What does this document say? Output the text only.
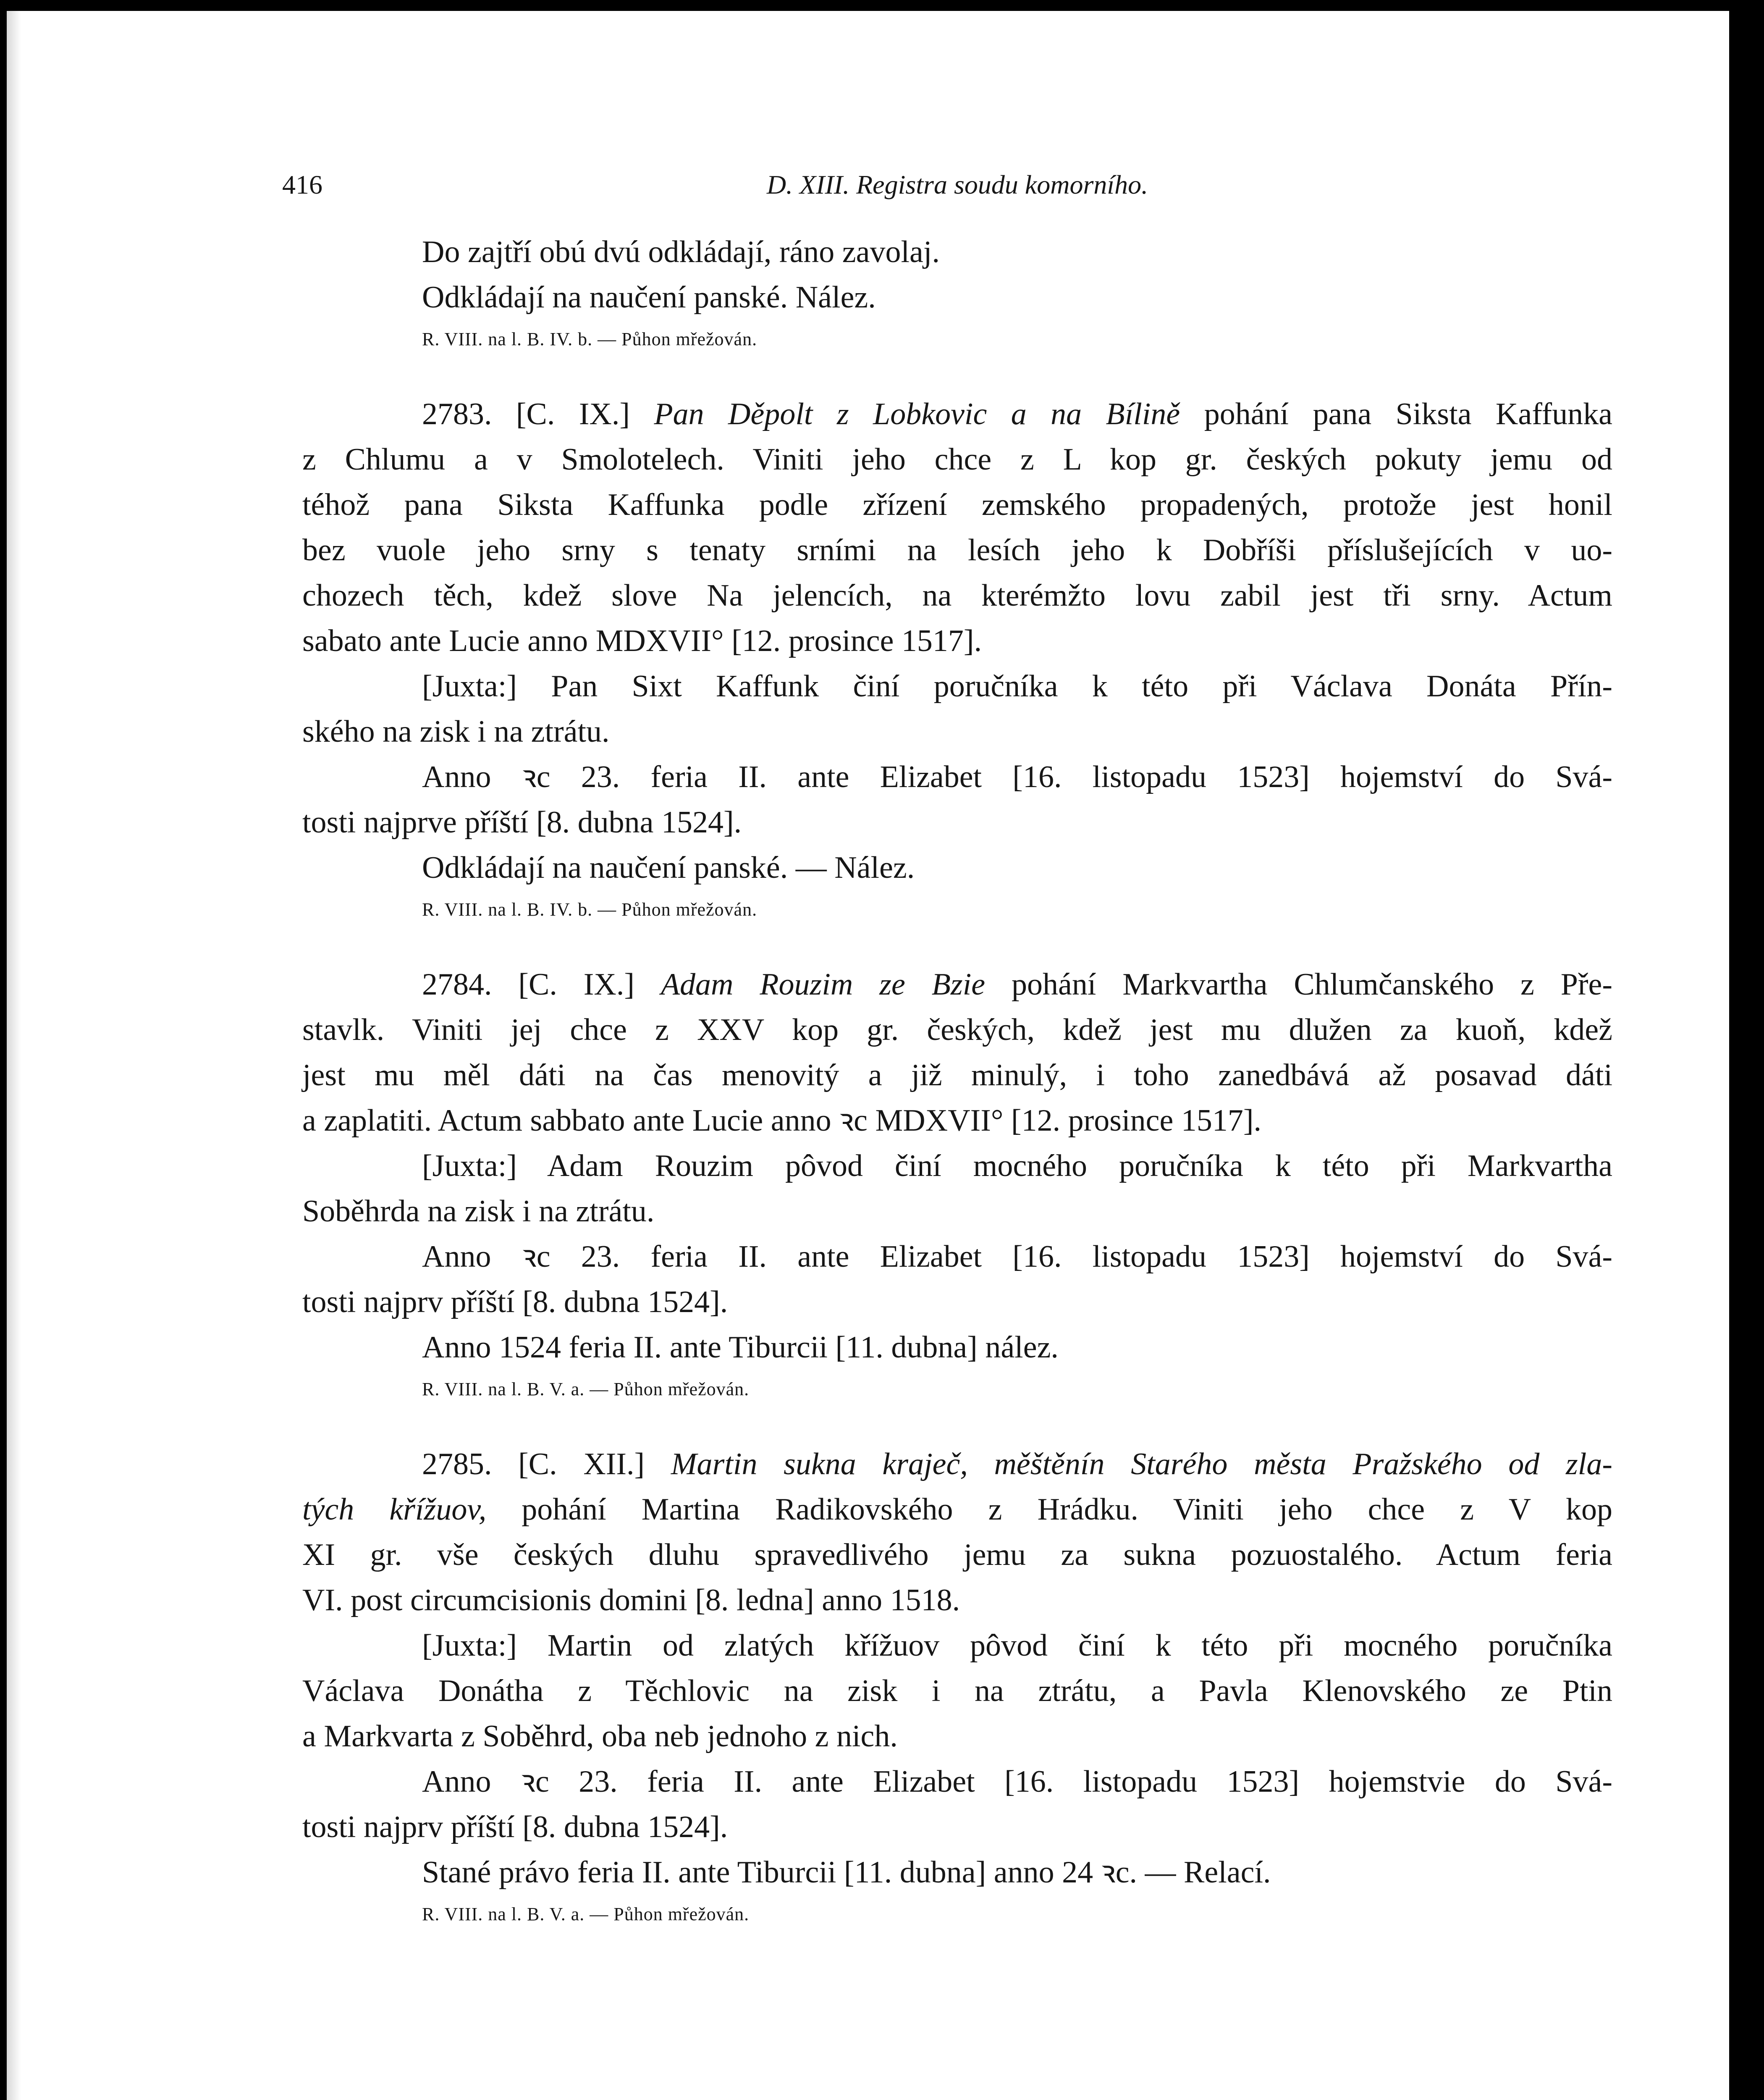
416	D. XIII. Registra soudu komorního.

Do zajtří obú dvú odkládají, ráno zavolaj.

Odkládají na naučení panské. Nález.

R. VIII. na l. B. IV. b. — Půhon mřežován.

2783. [C. IX.] Pan Děpolt z Lobkovic a na Bílině pohání pana Siksta Kaffunka

z Chlumu a v Smolotelech. Viniti jeho chce z L kop gr. českých pokuty jemu od

téhož pana Siksta Kaffunka podle zřízení zemského propadených, protože jest honil

bez vuole jeho srny s tenaty srními na lesích jeho k Dobříši příslušejících v uo-

chozech těch, kdež slove Na jelencích, na kterémžto lovu zabil jest tři srny. Actum

sabato ante Lucie anno MDXVII° [12. prosince 1517].

[Juxta:] Pan Sixt Kaffunk činí poručníka k této při Václava Donáta Přín-

ského na zisk i na ztrátu.

Anno ꝛc 23. feria II. ante Elizabet [16. listopadu 1523] hojemství do Svá-

tosti najprve příští [8. dubna 1524].

Odkládají na naučení panské. — Nález.

R. VIII. na l. B. IV. b. — Půhon mřežován.

2784. [C. IX.] Adam Rouzim ze Bzie pohání Markvartha Chlumčanského z Pře-

stavlk. Viniti jej chce z XXV kop gr. českých, kdež jest mu dlužen za kuoň, kdež

jest mu měl dáti na čas menovitý a již minulý, i toho zanedbává až posavad dáti

a zaplatiti. Actum sabbato ante Lucie anno ꝛc MDXVII° [12. prosince 1517].

[Juxta:] Adam Rouzim pôvod činí mocného poručníka k této při Markvartha

Soběhrda na zisk i na ztrátu.

Anno ꝛc 23. feria II. ante Elizabet [16. listopadu 1523] hojemství do Svá-

tosti najprv příští [8. dubna 1524].

Anno 1524 feria II. ante Tiburcii [11. dubna] nález.

R. VIII. na l. B. V. a. — Půhon mřežován.

2785. [C. XII.] Martin sukna kraječ, měštěnín Starého města Pražského od zla-

tých křížuov, pohání Martina Radikovského z Hrádku. Viniti jeho chce z V kop

XI gr. vše českých dluhu spravedlivého jemu za sukna pozuostalého. Actum feria

VI. post circumcisionis domini [8. ledna] anno 1518.

[Juxta:] Martin od zlatých křížuov pôvod činí k této při mocného poručníka

Václava Donátha z Těchlovic na zisk i na ztrátu, a Pavla Klenovského ze Ptin

a Markvarta z Soběhrd, oba neb jednoho z nich.

Anno ꝛc 23. feria II. ante Elizabet [16. listopadu 1523] hojemstvie do Svá-

tosti najprv příští [8. dubna 1524].

Stané právo feria II. ante Tiburcii [11. dubna] anno 24 ꝛc. — Relací.

R. VIII. na l. B. V. a. — Půhon mřežován.
